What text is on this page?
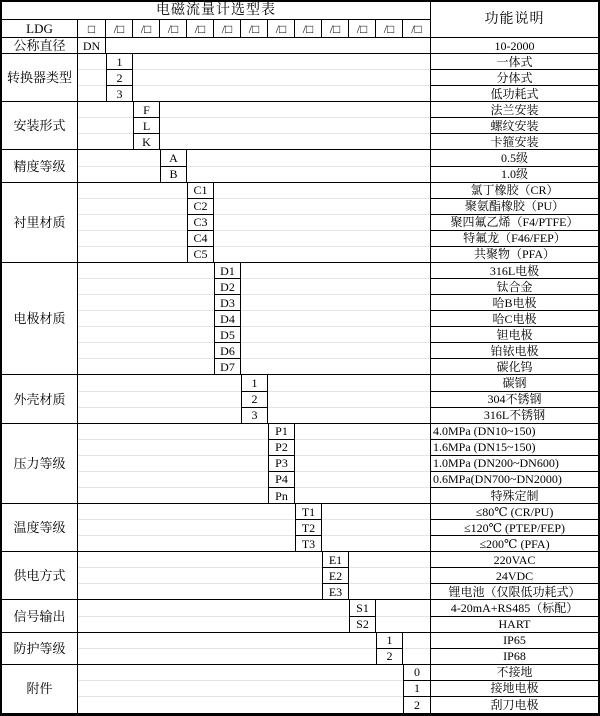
电磁流量计选型表
功能说明
LDG	□	/□	/□	/□	/□	/□	/□	/□	/□	/□	/□	/□	/□
公称直径	DN	10-2000
转换器类型
1	一体式
2	分体式
3	低功耗式
安装形式
F	法兰安装
L	螺纹安装
K	卡箍安装
精度等级
A	0.5级
B	1.0级
衬里材质
C1	氯丁橡胶（CR）
C2	聚氨酯橡胶（PU）
C3	聚四氟乙烯（F4/PTFE）
C4	特氟龙（F46/FEP）
C5	共聚物（PFA）
电极材质
D1	316L电极
D2	钛合金
D3	哈B电极
D4	哈C电极
D5	钽电极
D6	铂铱电极
D7	碳化钨
外壳材质
1	碳钢
2	304不锈钢
3	316L不锈钢
压力等级
P1	4.0MPa (DN10~150)
P2	1.6MPa (DN15~150)
P3	1.0MPa (DN200~DN600)
P4	0.6MPa(DN700~DN2000)
Pn	特殊定制
温度等级
T1	≤80℃ (CR/PU)
T2	≤120℃ (PTEP/FEP)
T3	≤200℃ (PFA)
供电方式
E1	220VAC
E2	24VDC
E3	锂电池（仅限低功耗式）
信号输出
S1	4-20mA+RS485（标配）
S2	HART
防护等级
1	IP65
2	IP68
附件
0	不接地
1	接地电极
2	刮刀电极
